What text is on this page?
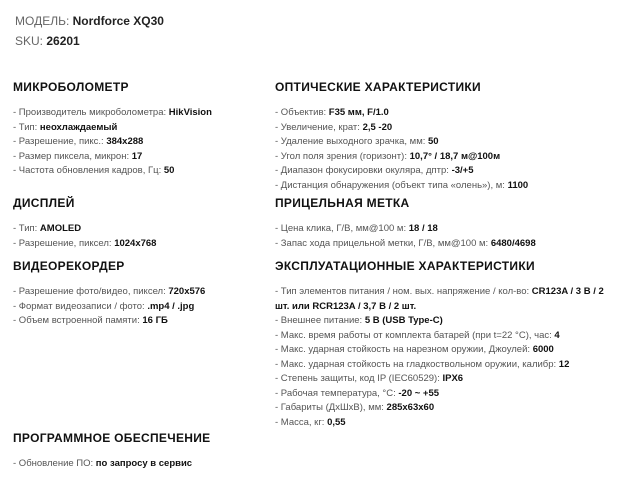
МОДЕЛЬ: Nordforce XQ30
SKU: 26201
МИКРОБОЛОМЕТР
- Производитель микроболометра: HikVision
- Тип: неохлаждаемый
- Разрешение, пикс.: 384x288
- Размер пиксела, микрон: 17
- Частота обновления кадров, Гц: 50
ДИСПЛЕЙ
- Тип: AMOLED
- Разрешение, пиксел: 1024x768
ВИДЕОРЕКОРДЕР
- Разрешение фото/видео, пиксел: 720x576
- Формат видеозаписи / фото: .mp4 / .jpg
- Объем встроенной памяти: 16 ГБ
ПРОГРАММНОЕ ОБЕСПЕЧЕНИЕ
- Обновление ПО: по запросу в сервис
ОПТИЧЕСКИЕ ХАРАКТЕРИСТИКИ
- Объектив: F35 мм, F/1.0
- Увеличение, крат: 2,5 -20
- Удаление выходного зрачка, мм: 50
- Угол поля зрения (горизонт): 10,7° / 18,7 м@100м
- Диапазон фокусировки окуляра, дптр: -3/+5
- Дистанция обнаружения (объект типа «олень»), м: 1100
ПРИЦЕЛЬНАЯ МЕТКА
- Цена клика, Г/В, мм@100 м: 18 / 18
- Запас хода прицельной метки, Г/В, мм@100 м: 6480/4698
ЭКСПЛУАТАЦИОННЫЕ ХАРАКТЕРИСТИКИ
- Тип элементов питания / ном. вых. напряжение / кол-во: CR123A / 3 В / 2 шт. или RCR123A / 3,7 В / 2 шт.
- Внешнее питание: 5 В (USB Type-C)
- Макс. время работы от комплекта батарей (при t=22 °C), час: 4
- Макс. ударная стойкость на нарезном оружии, Джоулей: 6000
- Макс. ударная стойкость на гладкоствольном оружии, калибр: 12
- Степень защиты, код IP (IEC60529): IPX6
- Рабочая температура, °С: -20 ~ +55
- Габариты (ДхШхВ), мм: 285x63x60
- Масса, кг: 0,55
